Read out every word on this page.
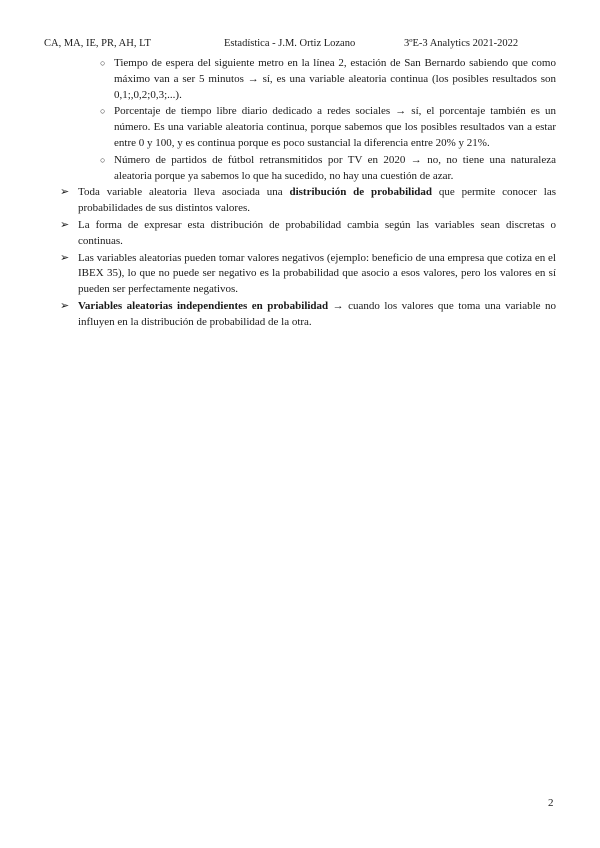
CA, MA, IE, PR, AH, LT	Estadística - J.M. Ortiz Lozano	3ºE-3 Analytics 2021-2022
○ Tiempo de espera del siguiente metro en la línea 2, estación de San Bernardo sabiendo que como máximo van a ser 5 minutos → sí, es una variable aleatoria continua (los posibles resultados son 0,1;,0,2;0,3;...).
○ Porcentaje de tiempo libre diario dedicado a redes sociales → sí, el porcentaje también es un número. Es una variable aleatoria continua, porque sabemos que los posibles resultados van a estar entre 0 y 100, y es continua porque es poco sustancial la diferencia entre 20% y 21%.
○ Número de partidos de fútbol retransmitidos por TV en 2020 → no, no tiene una naturaleza aleatoria porque ya sabemos lo que ha sucedido, no hay una cuestión de azar.
➢ Toda variable aleatoria lleva asociada una distribución de probabilidad que permite conocer las probabilidades de sus distintos valores.
➢ La forma de expresar esta distribución de probabilidad cambia según las variables sean discretas o continuas.
➢ Las variables aleatorias pueden tomar valores negativos (ejemplo: beneficio de una empresa que cotiza en el IBEX 35), lo que no puede ser negativo es la probabilidad que asocio a esos valores, pero los valores en sí pueden ser perfectamente negativos.
➢ Variables aleatorias independientes en probabilidad → cuando los valores que toma una variable no influyen en la distribución de probabilidad de la otra.
2
